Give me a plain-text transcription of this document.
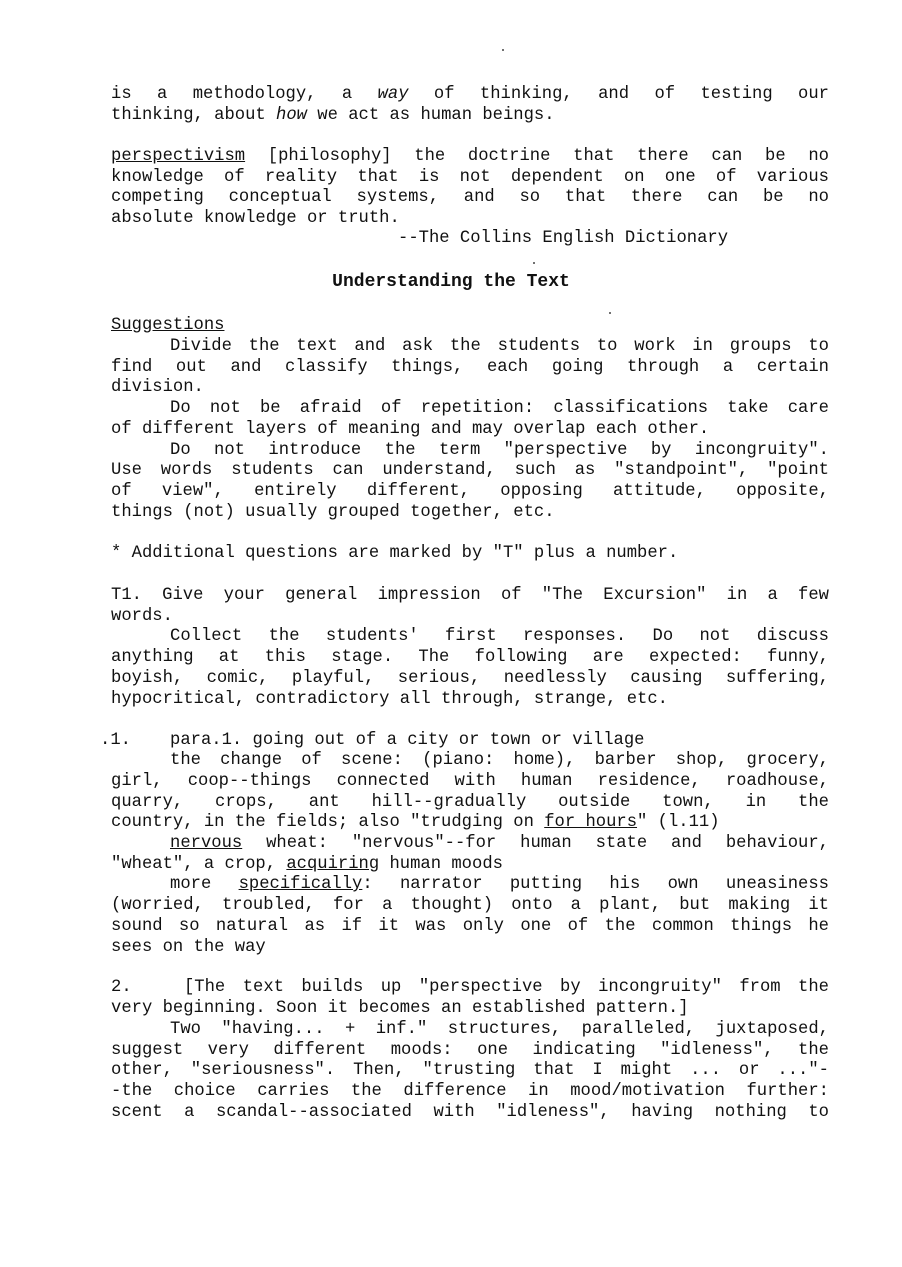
is a methodology, a way of thinking, and of testing our
thinking, about how we act as human beings.
perspectivism [philosophy] the doctrine that there can be no
knowledge of reality that is not dependent on one of various
competing conceptual systems, and so that there can be no
absolute knowledge or truth.
--The Collins English Dictionary
Understanding the Text
Suggestions
Divide the text and ask the students to work in groups to
find out and classify things, each going through a certain
division.
Do not be afraid of repetition: classifications take care
of different layers of meaning and may overlap each other.
Do not introduce the term "perspective by incongruity".
Use words students can understand, such as "standpoint", "point
of view", entirely different, opposing attitude, opposite,
things (not) usually grouped together, etc.
* Additional questions are marked by "T" plus a number.
T1. Give your general impression of "The Excursion" in a few
words.
Collect the students' first responses. Do not discuss
anything at this stage. The following are expected: funny,
boyish, comic, playful, serious, needlessly causing suffering,
hypocritical, contradictory all through, strange, etc.
.1.	para.1. going out of a city or town or village
the change of scene: (piano: home), barber shop, grocery,
girl, coop--things connected with human residence, roadhouse,
quarry, crops, ant hill--gradually outside town, in the
country, in the fields; also "trudging on for hours" (l.11)
nervous wheat: "nervous"--for human state and behaviour,
"wheat", a crop, acquiring human moods
more specifically: narrator putting his own uneasiness
(worried, troubled, for a thought) onto a plant, but making it
sound so natural as if it was only one of the common things he
sees on the way
2.   [The text builds up "perspective by incongruity" from the
very beginning. Soon it becomes an established pattern.]
Two "having... + inf." structures, paralleled, juxtaposed,
suggest very different moods: one indicating "idleness", the
other, "seriousness". Then, "trusting that I might ... or ..."-
-the choice carries the difference in mood/motivation further:
scent a scandal--associated with "idleness", having nothing to
